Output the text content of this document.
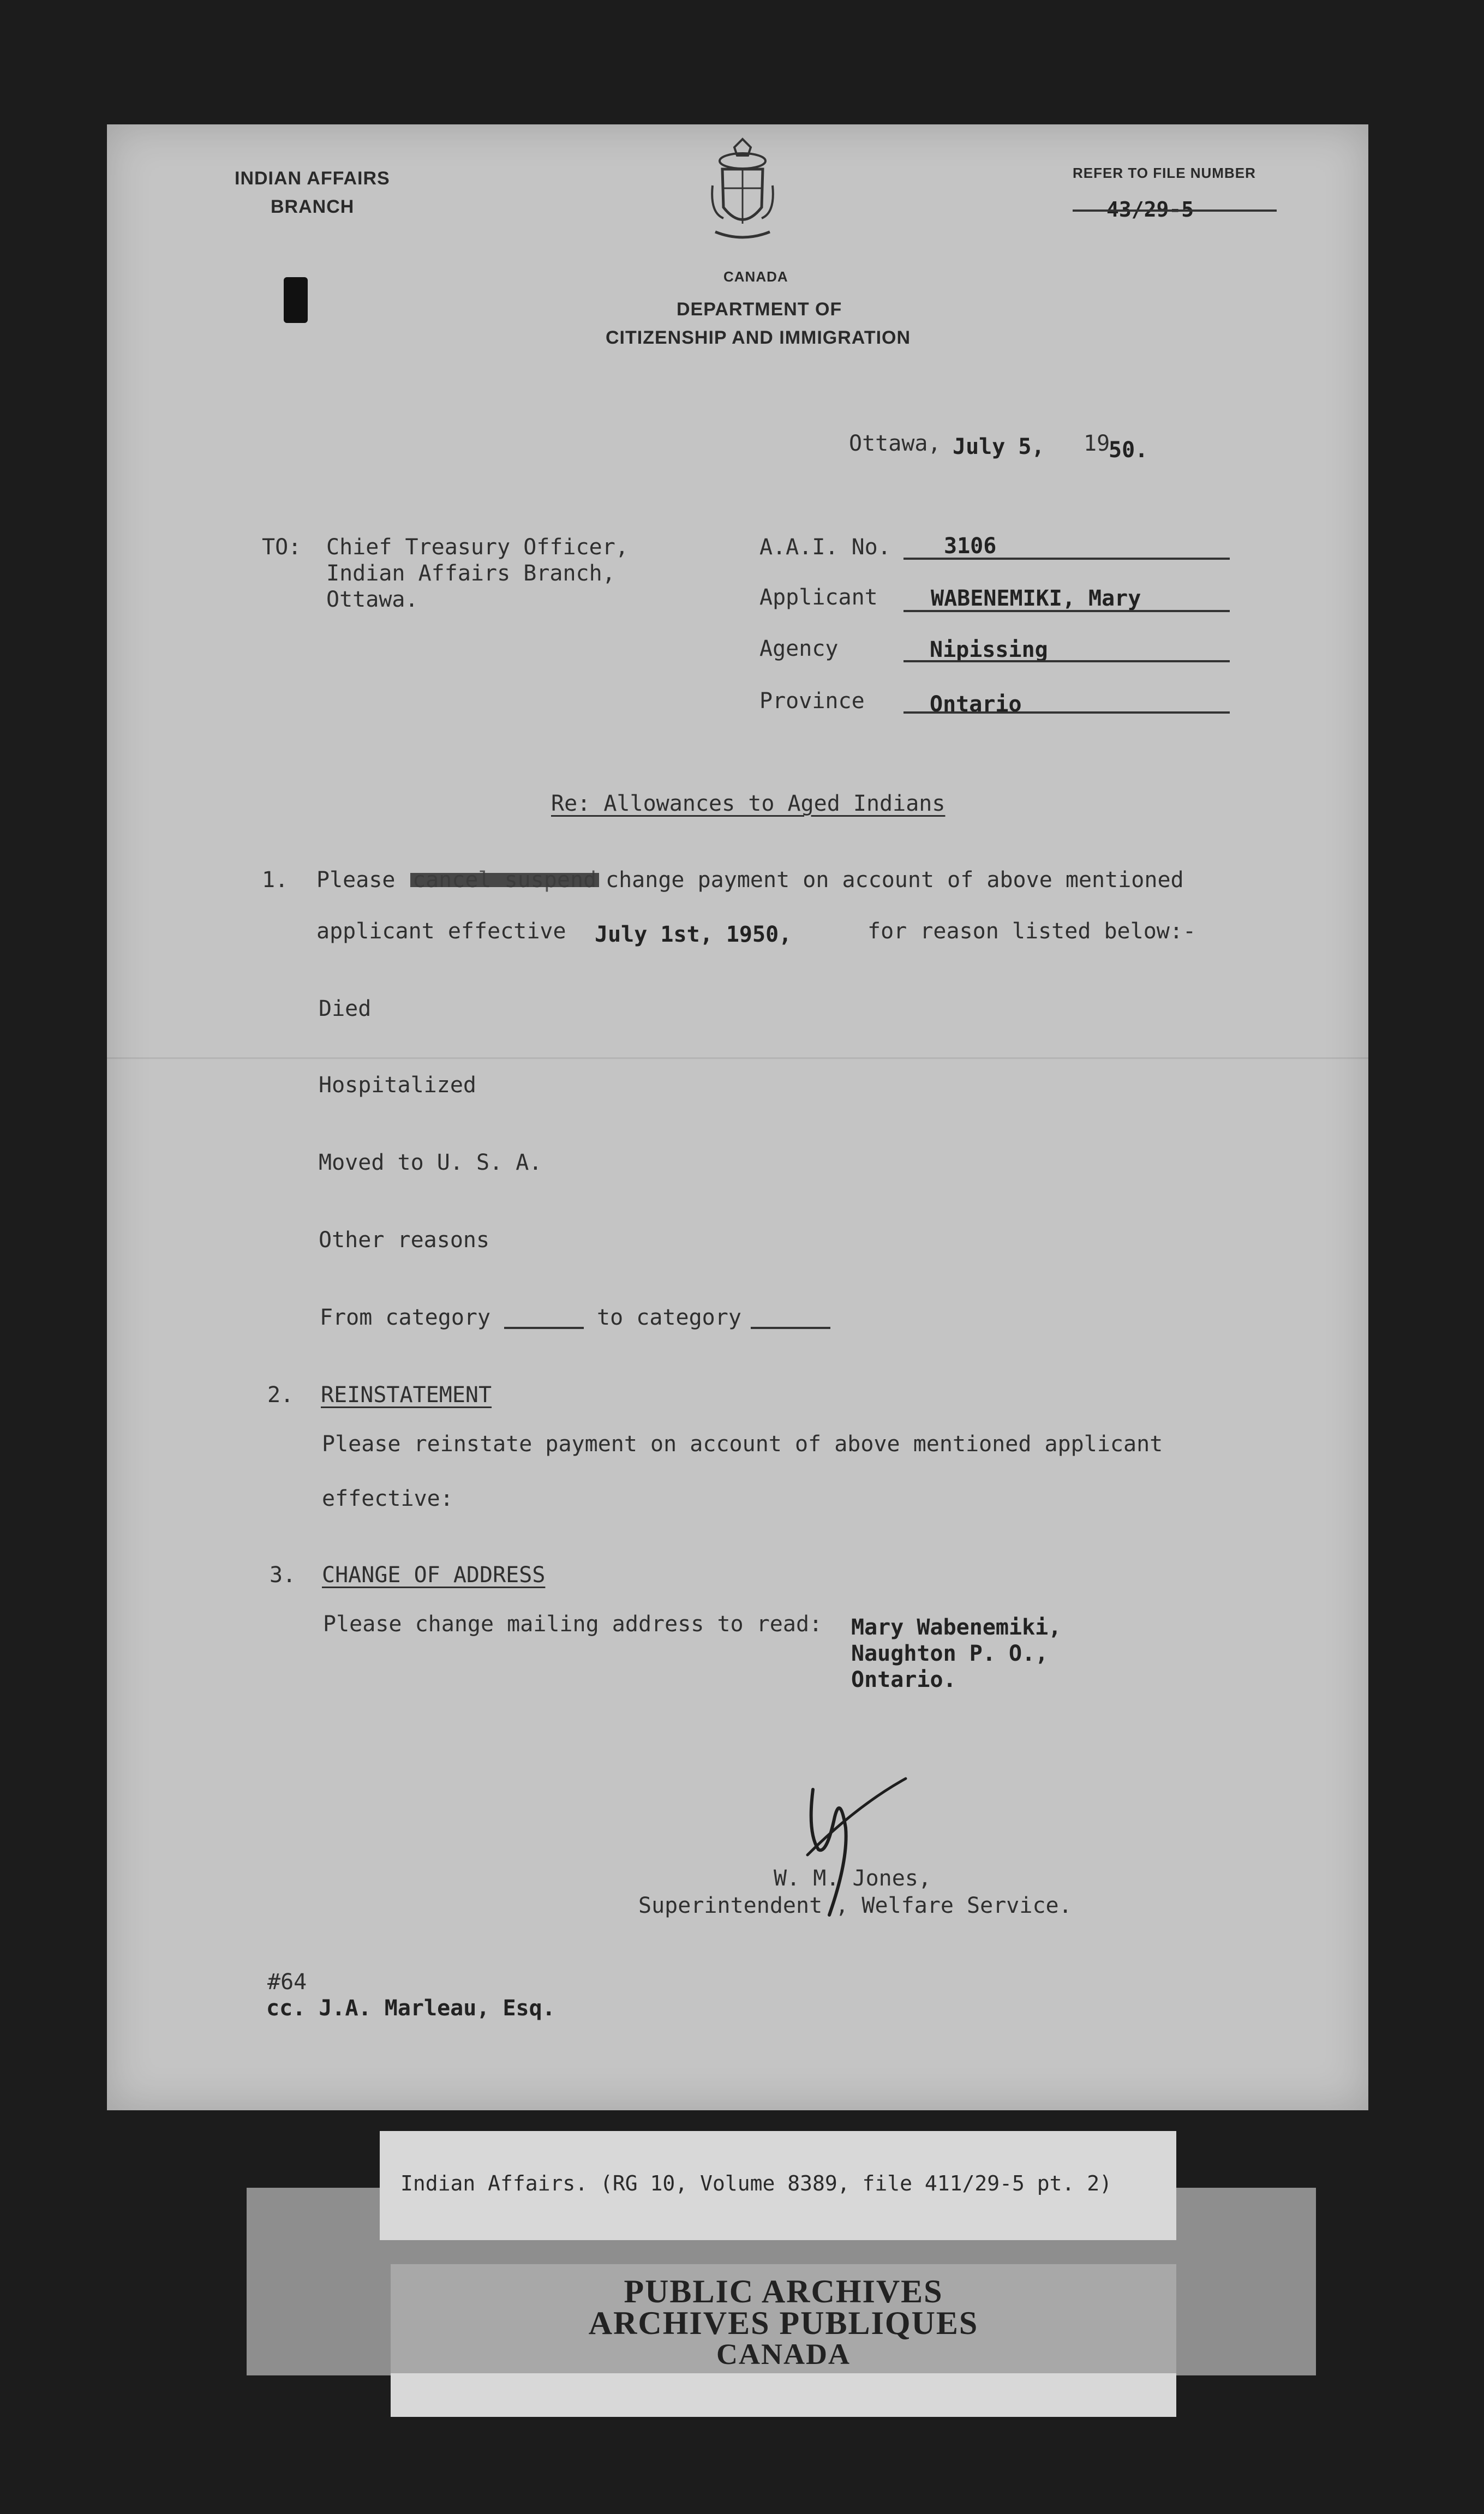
INDIAN AFFAIRS
BRANCH
CANADA
DEPARTMENT OF
CITIZENSHIP AND IMMIGRATION
REFER TO FILE NUMBER
43/29-5
Ottawa, July 5, 19
50.
TO: Chief Treasury Officer,
Indian Affairs Branch,
Ottawa.
A.A.I. No. 3106
Applicant WABENEMIKI, Mary
Agency	Nipissing
Province	Ontario
Re: Allowances to Aged Indians
1. Please	change payment on account of above mentioned
applicant effective July 1st, 1950,	for reason listed below:-
Died
Hospitalized
Moved to U. S. A.
Other reasons
From category	to category
2. REINSTATEMENT
Please reinstate payment on account of above mentioned applicant
effective:
3. CHANGE OF ADDRESS
Please change mailing address to read: Mary Wabenemiki,
Naughton P. O.,
Ontario.
W. M. Jones,
Superintendent , Welfare Service.
#64
cc. J.A. Marleau, Esq.
Indian Affairs. (RG 10, Volume 8389, file 411/29-5 pt. 2)
PUBLIC ARCHIVES
ARCHIVES PUBLIQUES
CANADA
